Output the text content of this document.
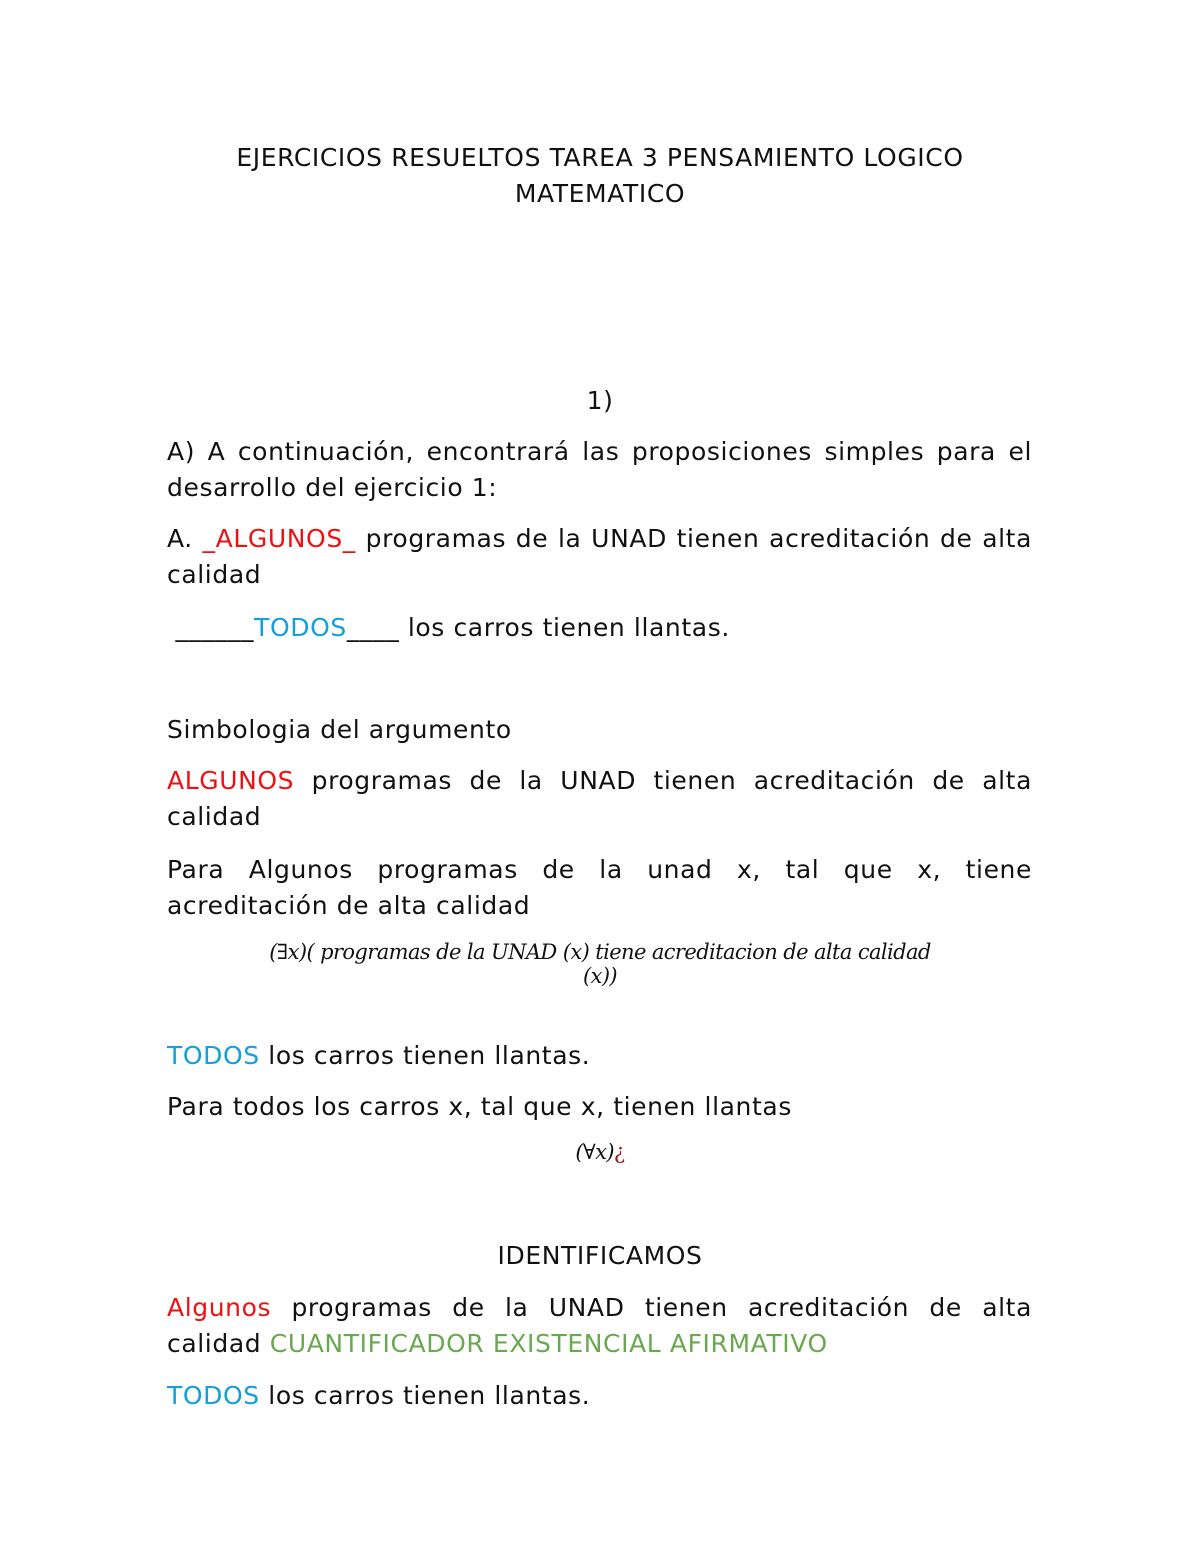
EJERCICIOS RESUELTOS TAREA 3 PENSAMIENTO LOGICO
MATEMATICO
1)
A) A continuación, encontrará las proposiciones simples para el desarrollo del ejercicio 1:
A. _ALGUNOS_ programas de la UNAD tienen acreditación de alta calidad
______TODOS____ los carros tienen llantas.
Simbologia del argumento
ALGUNOS programas de la UNAD tienen acreditación de alta calidad
Para Algunos programas de la unad x, tal que x, tiene acreditación de alta calidad
(∃x)( programas de la UNAD (x) tiene acreditacion de alta calidad (x))
TODOS los carros tienen llantas.
Para todos los carros x, tal que x, tienen llantas
(∀x)¿
IDENTIFICAMOS
Algunos programas de la UNAD tienen acreditación de alta calidad CUANTIFICADOR EXISTENCIAL AFIRMATIVO
TODOS los carros tienen llantas.
